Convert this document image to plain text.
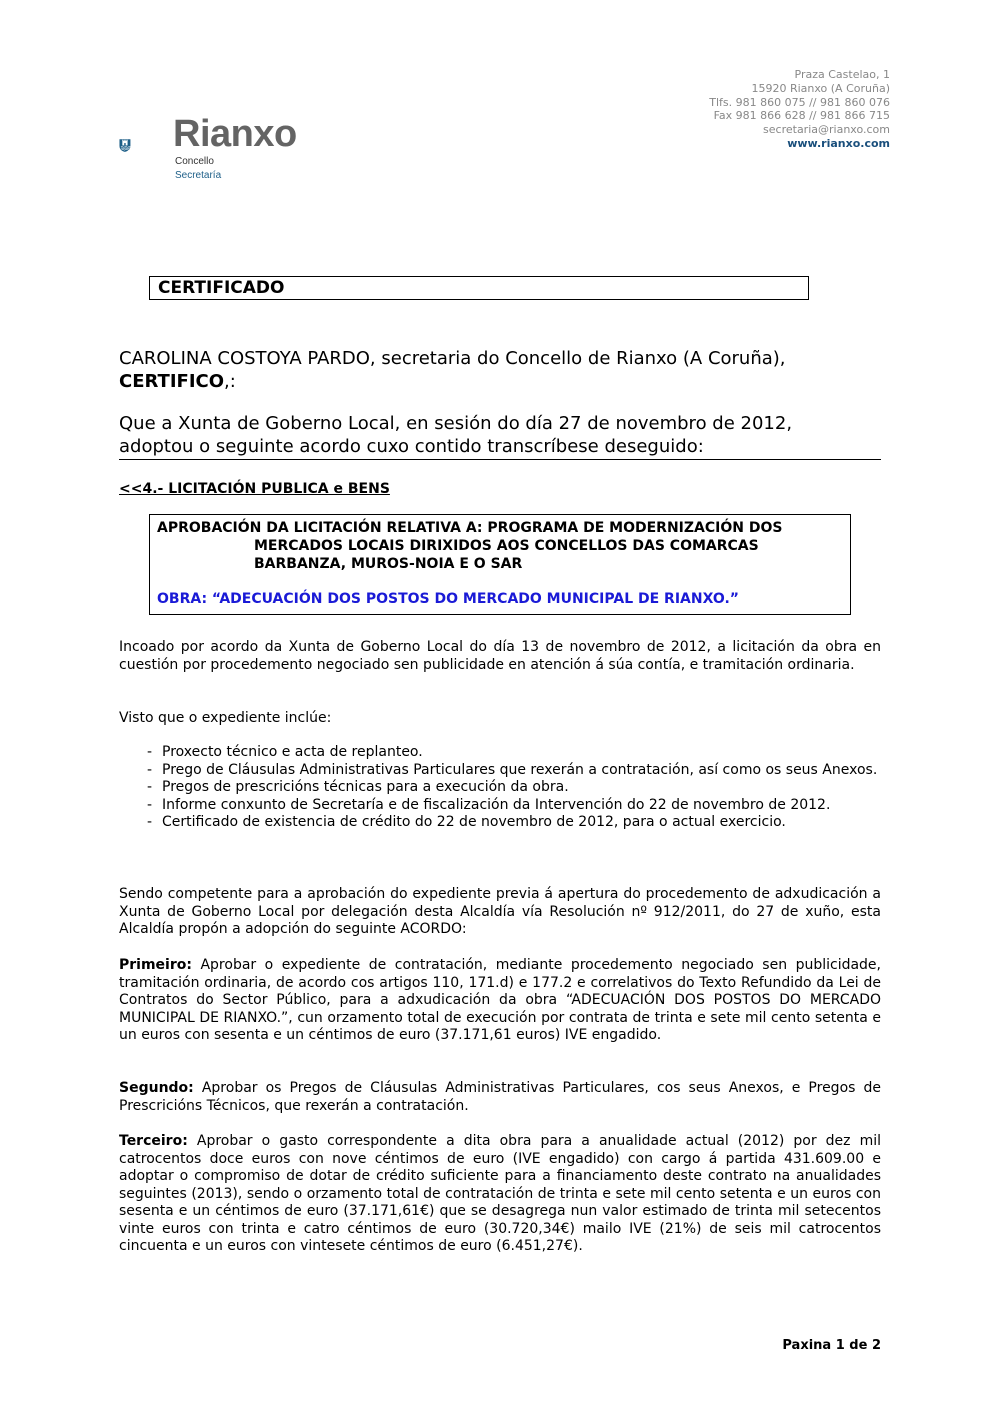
Rianxo
Concello
Secretaría
Praza Castelao, 1
15920 Rianxo (A Coruña)
Tlfs. 981 860 075 // 981 860 076
Fax 981 866 628 // 981 866 715
secretaria@rianxo.com
www.rianxo.com
CERTIFICADO
CAROLINA COSTOYA PARDO, secretaria do Concello de Rianxo (A Coruña),
CERTIFICO,:
Que a Xunta de Goberno Local, en sesión do día 27 de novembro de 2012,
adoptou o seguinte acordo cuxo contido transcríbese deseguido:
<<4.- LICITACIÓN PUBLICA e BENS
APROBACIÓN DA LICITACIÓN RELATIVA A: PROGRAMA DE MODERNIZACIÓN DOS
MERCADOS LOCAIS DIRIXIDOS AOS CONCELLOS DAS COMARCAS
BARBANZA, MUROS-NOIA E O SAR
OBRA: “ADECUACIÓN DOS POSTOS DO MERCADO MUNICIPAL DE RIANXO.”
Incoado por acordo da Xunta de Goberno Local do día 13 de novembro de 2012, a licitación da obra en cuestión por procedemento negociado sen publicidade en atención á súa contía, e tramitación ordinaria.
Visto que o expediente inclúe:
- Proxecto técnico e acta de replanteo.
- Prego de Cláusulas Administrativas Particulares que rexerán a contratación, así como os seus Anexos.
- Pregos de prescricións técnicas para a execución da obra.
- Informe conxunto de Secretaría e de fiscalización da Intervención do 22 de novembro de 2012.
- Certificado de existencia de crédito do 22 de novembro de 2012, para o actual exercicio.
Sendo competente para a aprobación do expediente previa á apertura do procedemento de adxudicación a Xunta de Goberno Local por delegación desta Alcaldía vía Resolución nº 912/2011, do 27 de xuño, esta Alcaldía propón a adopción do seguinte ACORDO:
Primeiro: Aprobar o expediente de contratación, mediante procedemento negociado sen publicidade, tramitación ordinaria, de acordo cos artigos 110, 171.d) e 177.2 e correlativos do Texto Refundido da Lei de Contratos do Sector Público, para a adxudicación da obra “ADECUACIÓN DOS POSTOS DO MERCADO MUNICIPAL DE RIANXO.”, cun orzamento total de execución por contrata de trinta e sete mil cento setenta e un euros con sesenta e un céntimos de euro (37.171,61 euros) IVE engadido.
Segundo: Aprobar os Pregos de Cláusulas Administrativas Particulares, cos seus Anexos, e Pregos de Prescricións Técnicos, que rexerán a contratación.
Terceiro: Aprobar o gasto correspondente a dita obra para a anualidade actual (2012) por dez mil catrocentos doce euros con nove céntimos de euro (IVE engadido) con cargo á partida 431.609.00 e adoptar o compromiso de dotar de crédito suficiente para a financiamento deste contrato na anualidades seguintes (2013), sendo o orzamento total de contratación de trinta e sete mil cento setenta e un euros con sesenta e un céntimos de euro (37.171,61€) que se desagrega nun valor estimado de trinta mil setecentos vinte euros con trinta e catro céntimos de euro (30.720,34€) mailo IVE (21%) de seis mil catrocentos cincuenta e un euros con vintesete céntimos de euro (6.451,27€).
Paxina 1 de 2
